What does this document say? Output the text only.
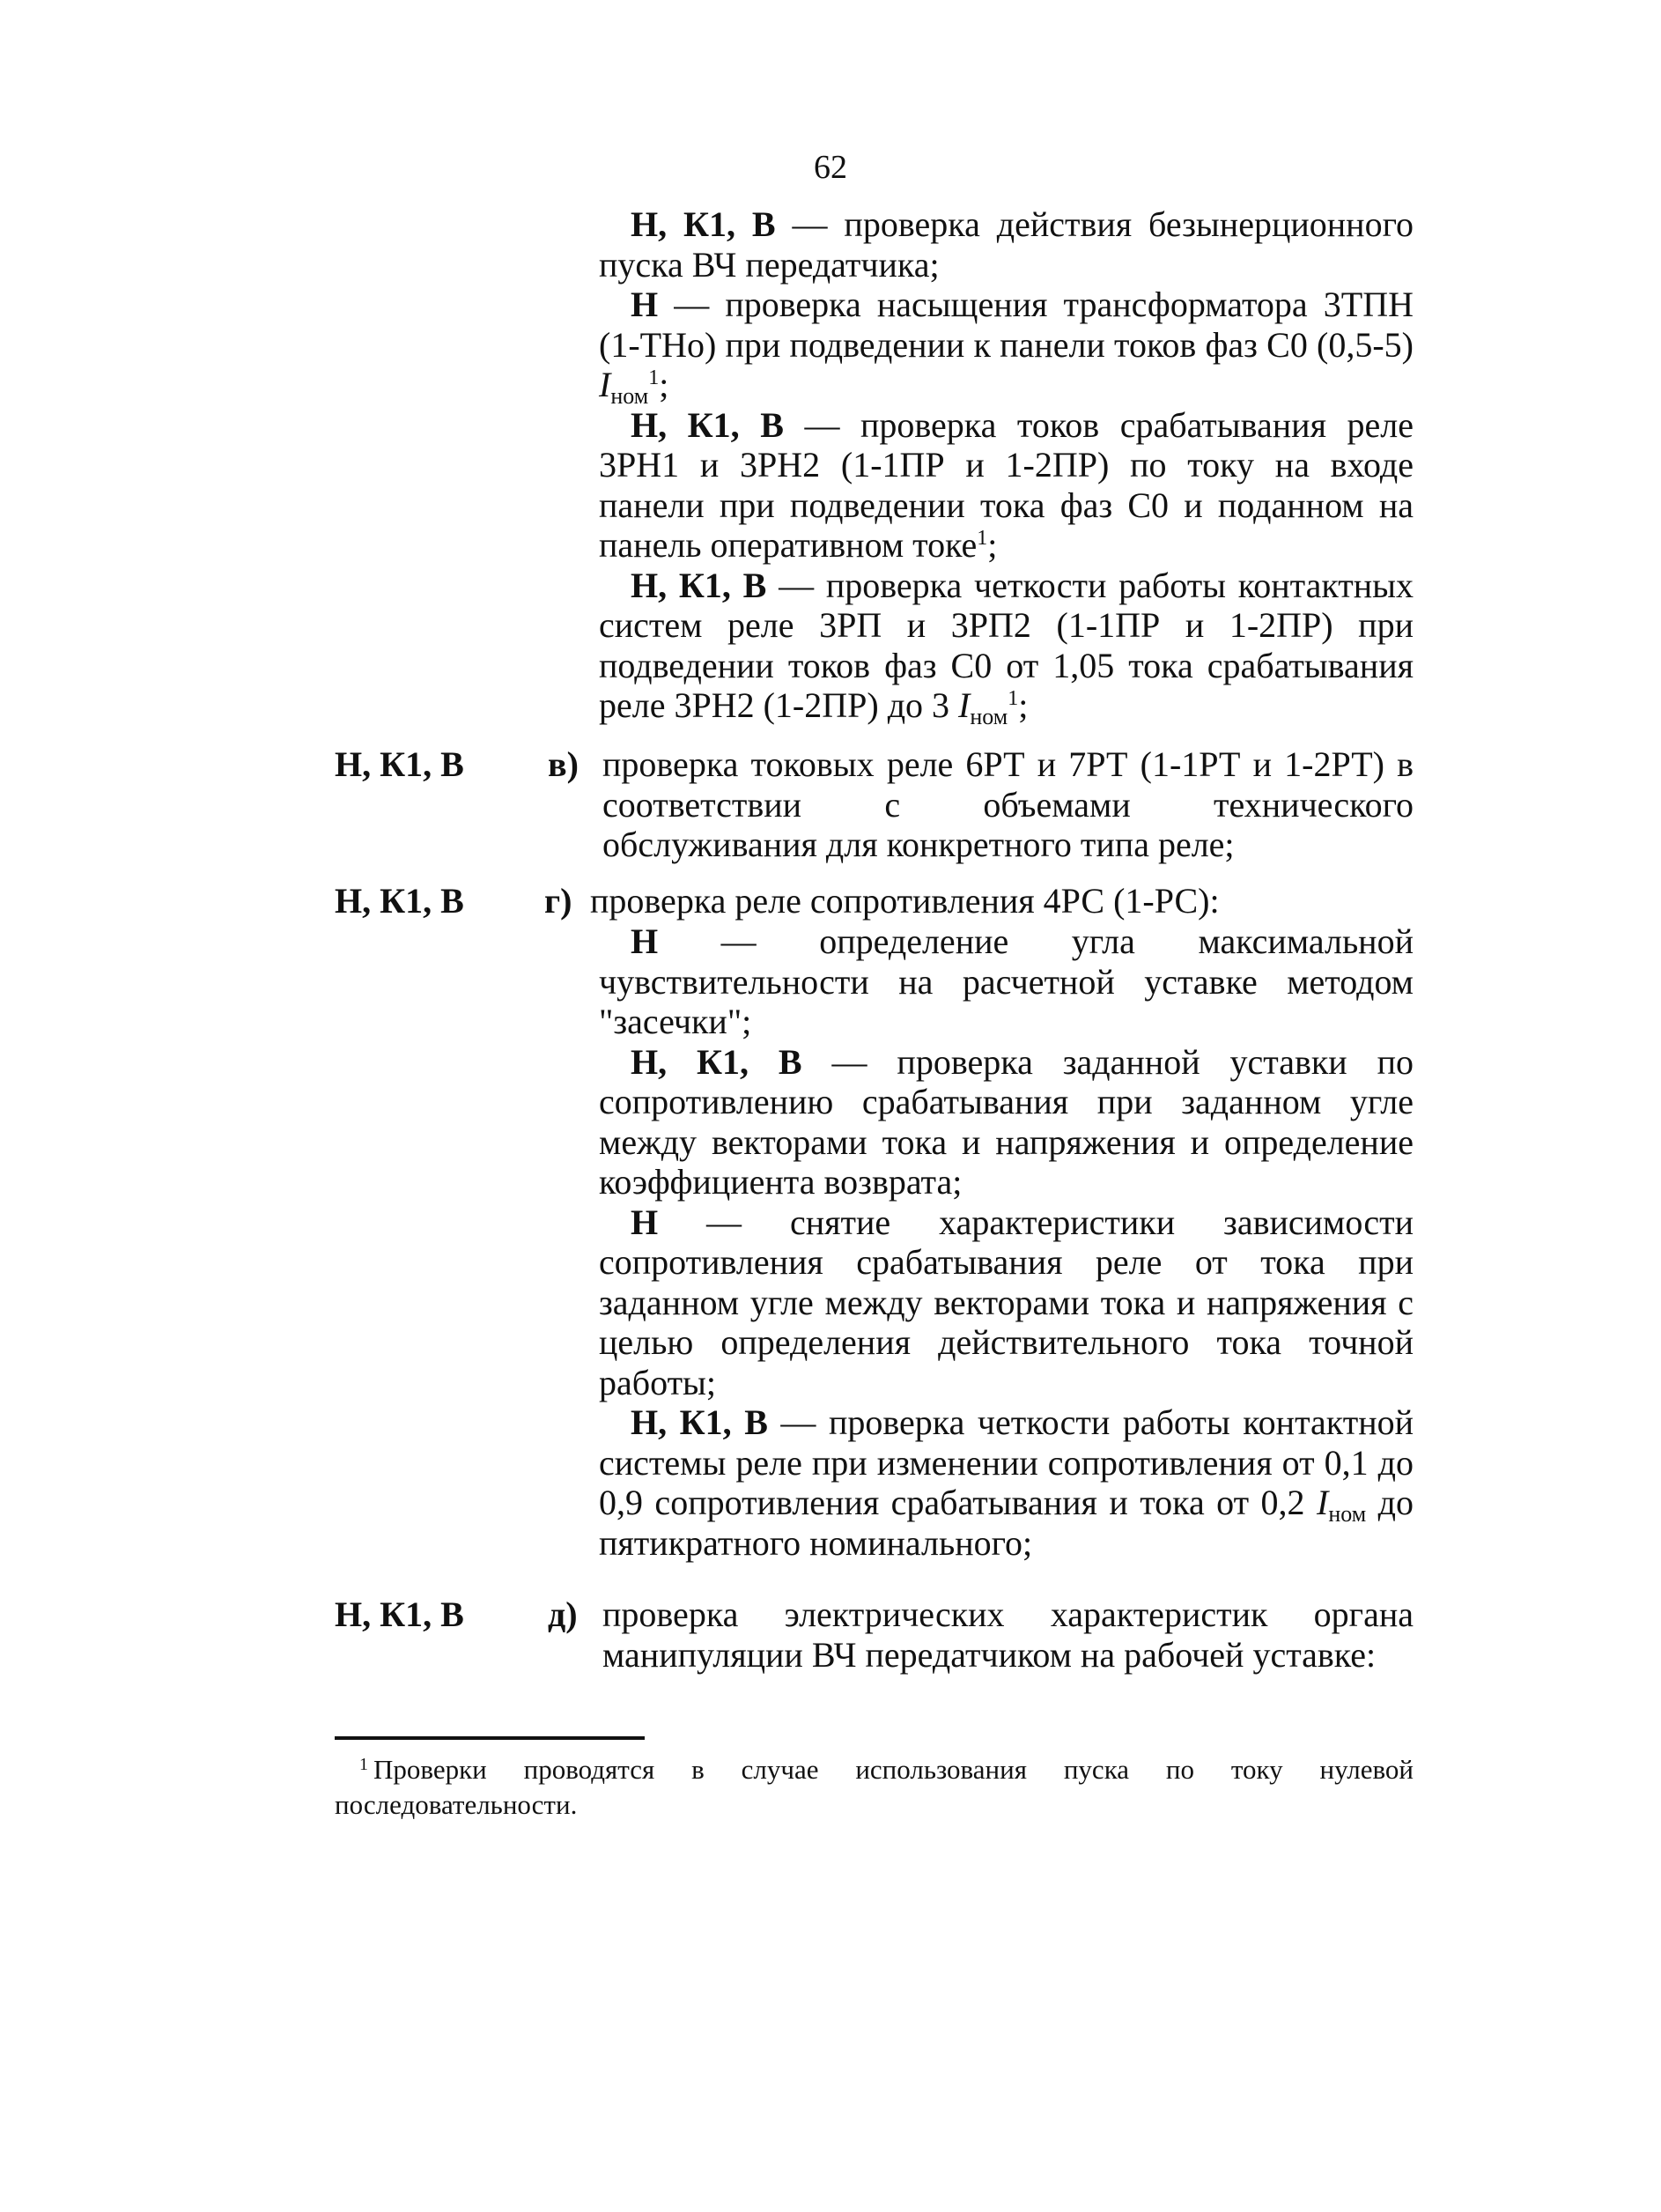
62

Н, К1, В — проверка действия безынерционного пуска ВЧ передатчика;

Н — проверка насыщения трансформатора 3ТПН (1-ТНо) при подведении к панели токов фаз С0 (0,5-5) $I_{ном}^1$;

Н, К1, В — проверка токов срабатывания реле 3РН1 и 3РН2 (1-1ПР и 1-2ПР) по току на входе панели при подведении тока фаз С0 и поданном на панель оперативном токе$^1$;

Н, К1, В — проверка четкости работы контактных систем реле 3РП и 3РП2 (1-1ПР и 1-2ПР) при подведении токов фаз С0 от 1,05 тока срабатывания реле 3РН2 (1-2ПР) до 3 $I_{ном}^1$;

Н, К1, В	в) проверка токовых реле 6РТ и 7РТ (1-1РТ и 1-2РТ) в соответствии с объемами технического обслуживания для конкретного типа реле;
Н, К1, В	г) проверка реле сопротивления 4РС (1-РС):

Н — определение угла максимальной чувствительности на расчетной уставке методом "засечки";

Н, К1, В — проверка заданной уставки по сопротивлению срабатывания при заданном угле между векторами тока и напряжения и определение коэффициента возврата;

Н — снятие характеристики зависимости сопротивления срабатывания реле от тока при заданном угле между векторами тока и напряжения с целью определения действительного тока точной работы;

Н, К1, В — проверка четкости работы контактной системы реле при изменении сопротивления от 0,1 до 0,9 сопротивления срабатывания и тока от 0,2 $I_{ном}$ до пятикратного номинального;

Н, К1, В	д) проверка электрических характеристик органа манипуляции ВЧ передатчиком на рабочей уставке:
$^1$ Проверки проводятся в случае использования пуска по току нулевой последовательности.
